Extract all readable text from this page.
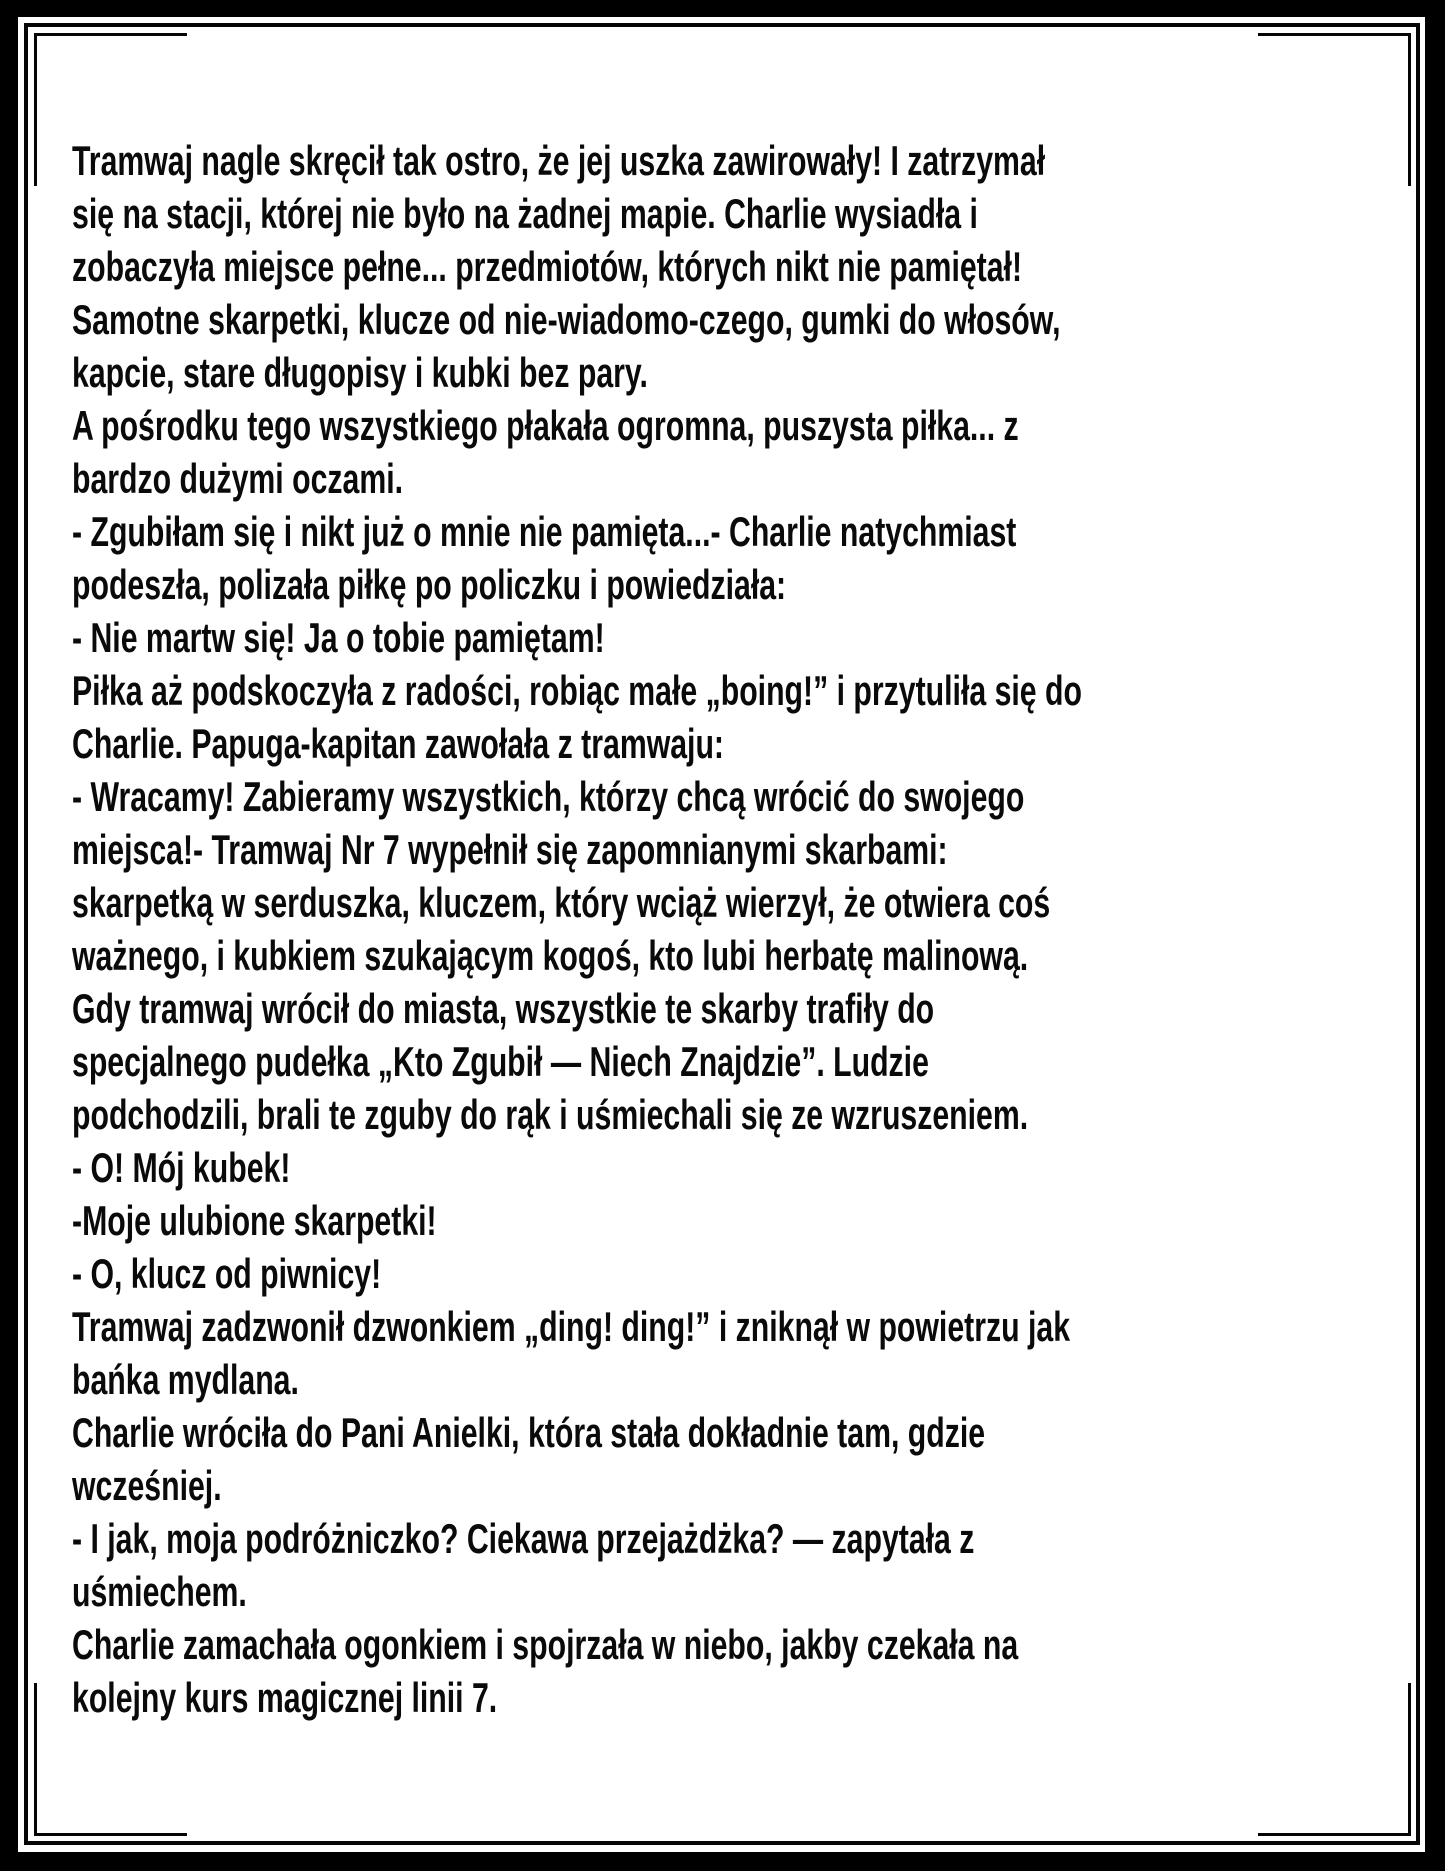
Tramwaj nagle skręcił tak ostro, że jej uszka zawirowały! I zatrzymał
się na stacji, której nie było na żadnej mapie. Charlie wysiadła i
zobaczyła miejsce pełne... przedmiotów, których nikt nie pamiętał!
Samotne skarpetki, klucze od nie-wiadomo-czego, gumki do włosów,
kapcie, stare długopisy i kubki bez pary.
A pośrodku tego wszystkiego płakała ogromna, puszysta piłka... z
bardzo dużymi oczami.
- Zgubiłam się i nikt już o mnie nie pamięta...- Charlie natychmiast
podeszła, polizała piłkę po policzku i powiedziała:
- Nie martw się! Ja o tobie pamiętam!
Piłka aż podskoczyła z radości, robiąc małe „boing!” i przytuliła się do
Charlie. Papuga-kapitan zawołała z tramwaju:
- Wracamy! Zabieramy wszystkich, którzy chcą wrócić do swojego
miejsca!- Tramwaj Nr 7 wypełnił się zapomnianymi skarbami:
skarpetką w serduszka, kluczem, który wciąż wierzył, że otwiera coś
ważnego, i kubkiem szukającym kogoś, kto lubi herbatę malinową.
Gdy tramwaj wrócił do miasta, wszystkie te skarby trafiły do
specjalnego pudełka „Kto Zgubił — Niech Znajdzie”. Ludzie
podchodzili, brali te zguby do rąk i uśmiechali się ze wzruszeniem.
- O! Mój kubek!
-Moje ulubione skarpetki!
- O, klucz od piwnicy!
Tramwaj zadzwonił dzwonkiem „ding! ding!” i zniknął w powietrzu jak
bańka mydlana.
Charlie wróciła do Pani Anielki, która stała dokładnie tam, gdzie
wcześniej.
- I jak, moja podróżniczko? Ciekawa przejażdżka? — zapytała z
uśmiechem.
Charlie zamachała ogonkiem i spojrzała w niebo, jakby czekała na
kolejny kurs magicznej linii 7.
